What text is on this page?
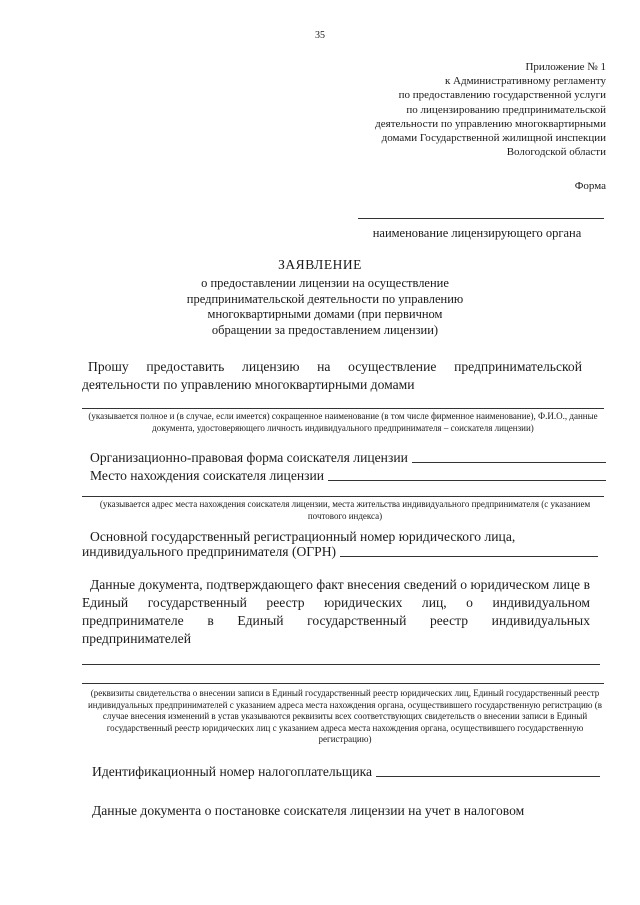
35
Приложение № 1
к Административному регламенту
по предоставлению государственной услуги
по лицензированию предпринимательской
деятельности по управлению многоквартирными
домами Государственной жилищной инспекции
Вологодской области
Форма
наименование лицензирующего органа
ЗАЯВЛЕНИЕ
о предоставлении лицензии на осуществление
предпринимательской деятельности по управлению
многоквартирными домами (при первичном
обращении за предоставлением лицензии)
Прошу предоставить лицензию на осуществление предпринимательской деятельности по управлению многоквартирными домами
(указывается полное и (в случае, если имеется) сокращенное наименование (в том числе фирменное наименование), Ф.И.О., данные документа, удостоверяющего личность индивидуального предпринимателя – соискателя лицензии)
Организационно-правовая форма соискателя лицензии
Место нахождения соискателя лицензии
(указывается адрес места нахождения соискателя лицензии, места жительства индивидуального предпринимателя (с указанием почтового индекса)
Основной государственный регистрационный номер юридического лица,
индивидуального предпринимателя (ОГРН)
Данные документа, подтверждающего факт внесения сведений о юридическом лице в Единый государственный реестр юридических лиц, о индивидуальном предпринимателе в Единый государственный реестр индивидуальных предпринимателей
(реквизиты свидетельства о внесении записи в Единый государственный реестр юридических лиц, Единый государственный реестр индивидуальных предпринимателей с указанием адреса места нахождения органа, осуществившего государственную регистрацию (в случае внесения изменений в устав указываются реквизиты всех соответствующих свидетельств о внесении записи в Единый государственный реестр юридических лиц с указанием адреса места нахождения органа, осуществившего государственную регистрацию)
Идентификационный номер налогоплательщика
Данные документа о постановке соискателя лицензии на учет в налоговом
